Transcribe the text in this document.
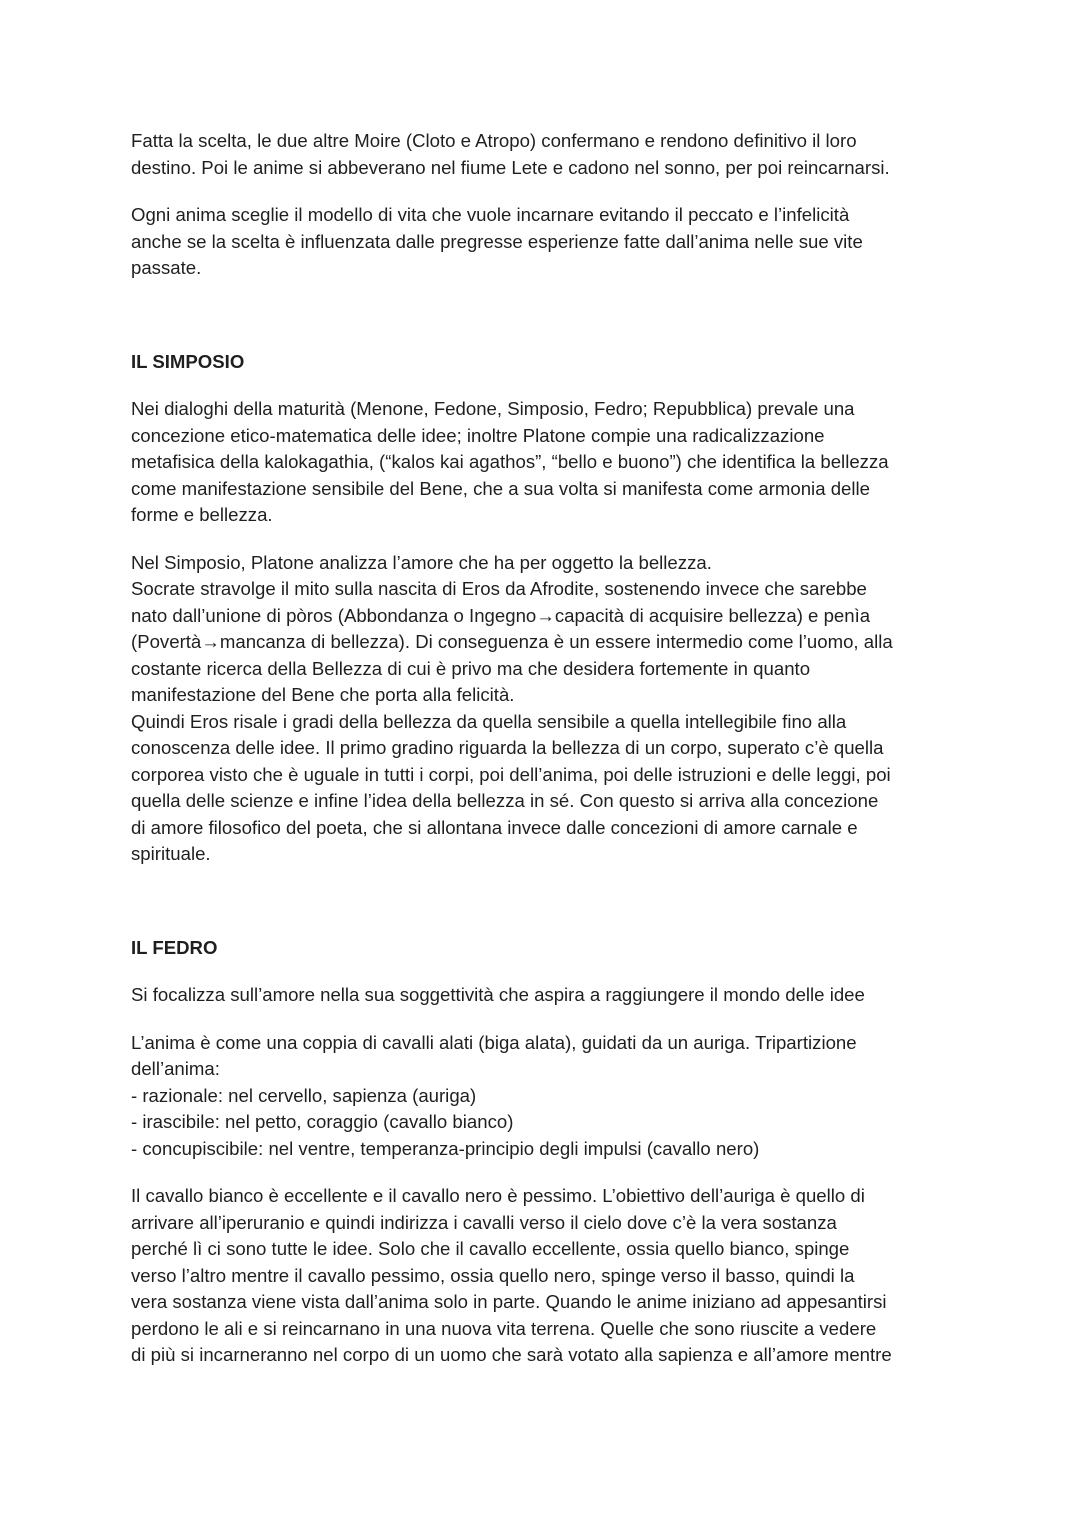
Fatta la scelta, le due altre Moire (Cloto e Atropo) confermano e rendono definitivo il loro
destino. Poi le anime si abbeverano nel fiume Lete e cadono nel sonno, per poi reincarnarsi.

Ogni anima sceglie il modello di vita che vuole incarnare evitando il peccato e l’infelicità
anche se la scelta è influenzata dalle pregresse esperienze fatte dall’anima nelle sue vite
passate.

IL SIMPOSIO

Nei dialoghi della maturità (Menone, Fedone, Simposio, Fedro; Repubblica) prevale una
concezione etico-matematica delle idee; inoltre Platone compie una radicalizzazione
metafisica della kalokagathia, (“kalos kai agathos”, “bello e buono”) che identifica la bellezza
come manifestazione sensibile del Bene, che a sua volta si manifesta come armonia delle
forme e bellezza.

Nel Simposio, Platone analizza l’amore che ha per oggetto la bellezza.
Socrate stravolge il mito sulla nascita di Eros da Afrodite, sostenendo invece che sarebbe
nato dall’unione di pòros (Abbondanza o Ingegno→capacità di acquisire bellezza) e penìa
(Povertà→mancanza di bellezza). Di conseguenza è un essere intermedio come l’uomo, alla
costante ricerca della Bellezza di cui è privo ma che desidera fortemente in quanto
manifestazione del Bene che porta alla felicità.
Quindi Eros risale i gradi della bellezza da quella sensibile a quella intellegibile fino alla
conoscenza delle idee. Il primo gradino riguarda la bellezza di un corpo, superato c’è quella
corporea visto che è uguale in tutti i corpi, poi dell’anima, poi delle istruzioni e delle leggi, poi
quella delle scienze e infine l’idea della bellezza in sé. Con questo si arriva alla concezione
di amore filosofico del poeta, che si allontana invece dalle concezioni di amore carnale e
spirituale.

IL FEDRO

Si focalizza sull’amore nella sua soggettività che aspira a raggiungere il mondo delle idee

L’anima è come una coppia di cavalli alati (biga alata), guidati da un auriga. Tripartizione
dell’anima:
- razionale: nel cervello, sapienza (auriga)
- irascibile: nel petto, coraggio (cavallo bianco)
- concupiscibile: nel ventre, temperanza-principio degli impulsi (cavallo nero)

Il cavallo bianco è eccellente e il cavallo nero è pessimo. L’obiettivo dell’auriga è quello di
arrivare all’iperuranio e quindi indirizza i cavalli verso il cielo dove c’è la vera sostanza
perché lì ci sono tutte le idee. Solo che il cavallo eccellente, ossia quello bianco, spinge
verso l’altro mentre il cavallo pessimo, ossia quello nero, spinge verso il basso, quindi la
vera sostanza viene vista dall’anima solo in parte. Quando le anime iniziano ad appesantirsi
perdono le ali e si reincarnano in una nuova vita terrena. Quelle che sono riuscite a vedere
di più si incarneranno nel corpo di un uomo che sarà votato alla sapienza e all’amore mentre
